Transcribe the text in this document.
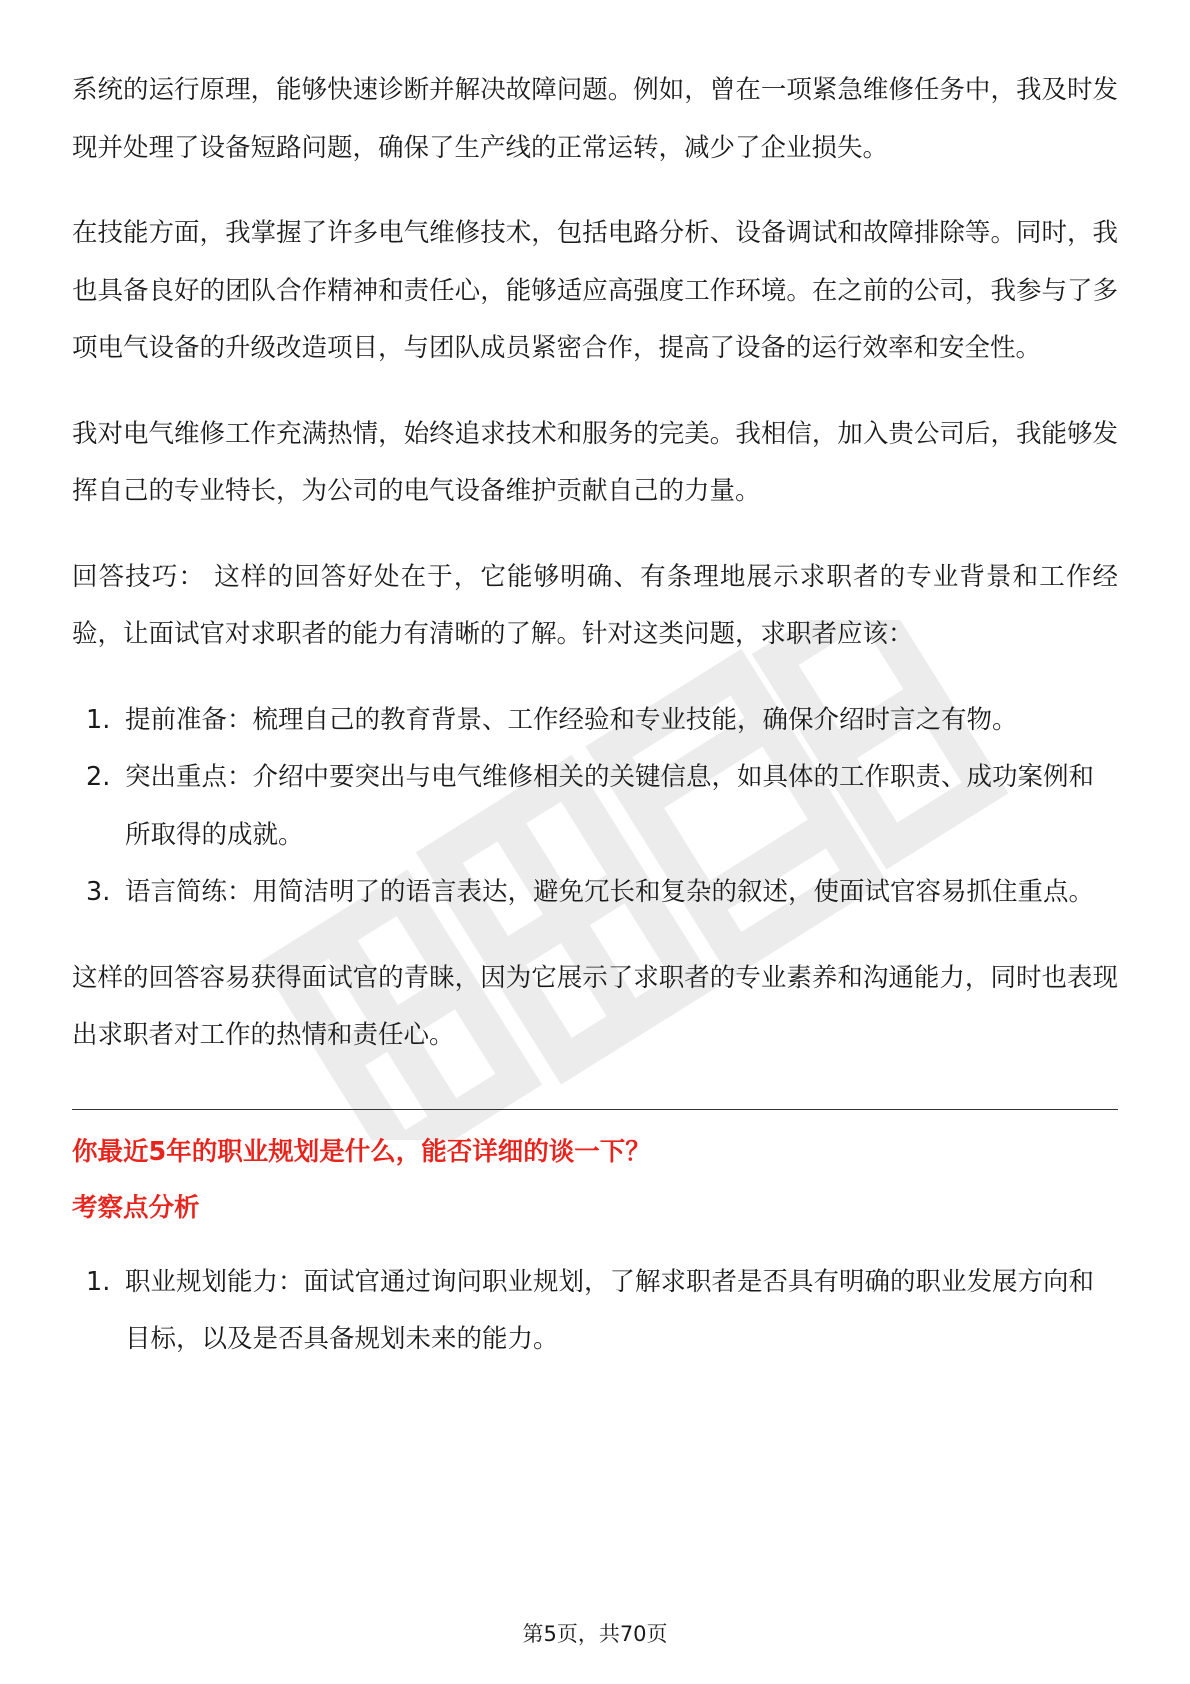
系统的运行原理，能够快速诊断并解决故障问题。例如，曾在一项紧急维修任务中，我及时发现并处理了设备短路问题，确保了生产线的正常运转，减少了企业损失。

在技能方面，我掌握了许多电气维修技术，包括电路分析、设备调试和故障排除等。同时，我也具备良好的团队合作精神和责任心，能够适应高强度工作环境。在之前的公司，我参与了多项电气设备的升级改造项目，与团队成员紧密合作，提高了设备的运行效率和安全性。

我对电气维修工作充满热情，始终追求技术和服务的完美。我相信，加入贵公司后，我能够发挥自己的专业特长，为公司的电气设备维护贡献自己的力量。

回答技巧： 这样的回答好处在于，它能够明确、有条理地展示求职者的专业背景和工作经验，让面试官对求职者的能力有清晰的了解。针对这类问题，求职者应该：

1. 提前准备：梳理自己的教育背景、工作经验和专业技能，确保介绍时言之有物。
2. 突出重点：介绍中要突出与电气维修相关的关键信息，如具体的工作职责、成功案例和所取得的成就。
3. 语言简练：用简洁明了的语言表达，避免冗长和复杂的叙述，使面试官容易抓住重点。

这样的回答容易获得面试官的青睐，因为它展示了求职者的专业素养和沟通能力，同时也表现出求职者对工作的热情和责任心。

你最近5年的职业规划是什么，能否详细的谈一下？

考察点分析

1. 职业规划能力：面试官通过询问职业规划，了解求职者是否具有明确的职业发展方向和目标，以及是否具备规划未来的能力。
第5页，共70页
